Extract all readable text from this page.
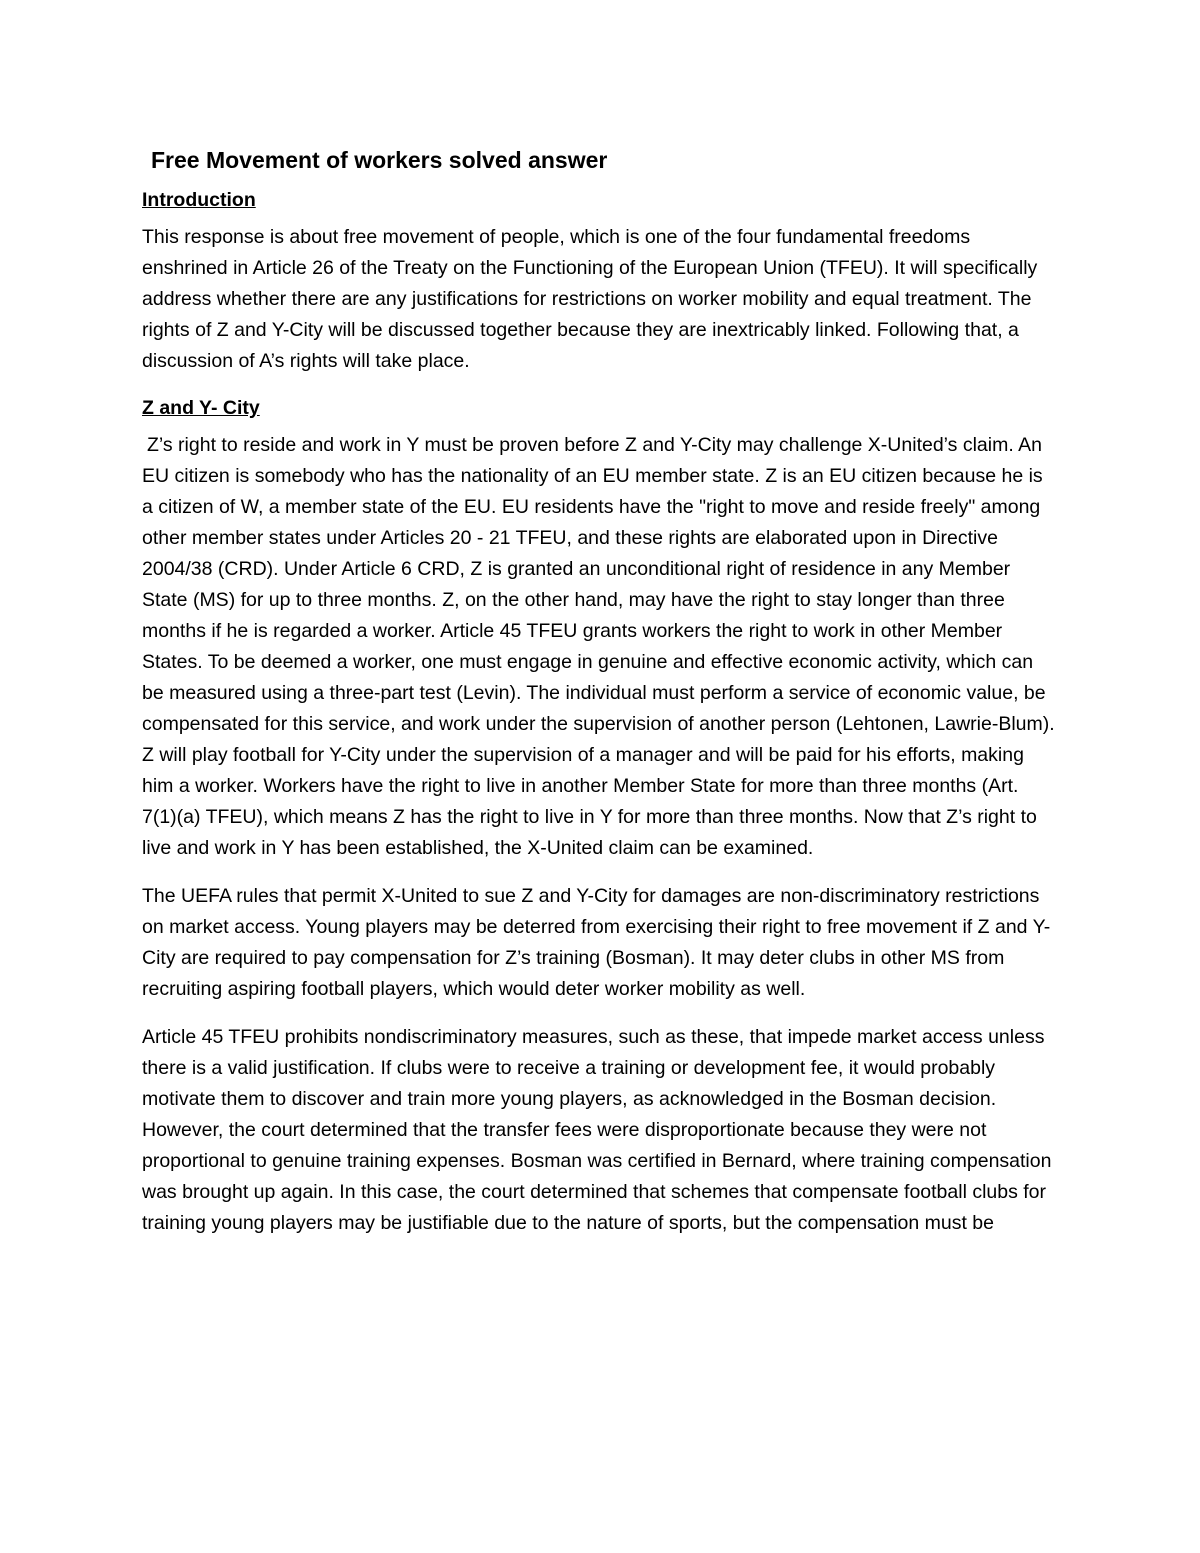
Free Movement of workers solved answer
Introduction

This response is about free movement of people, which is one of the four fundamental freedoms enshrined in Article 26 of the Treaty on the Functioning of the European Union (TFEU). It will specifically address whether there are any justifications for restrictions on worker mobility and equal treatment. The rights of Z and Y-City will be discussed together because they are inextricably linked. Following that, a discussion of A’s rights will take place.

Z and Y- City

Z’s right to reside and work in Y must be proven before Z and Y-City may challenge X-United’s claim. An EU citizen is somebody who has the nationality of an EU member state. Z is an EU citizen because he is a citizen of W, a member state of the EU. EU residents have the "right to move and reside freely" among other member states under Articles 20 - 21 TFEU, and these rights are elaborated upon in Directive 2004/38 (CRD). Under Article 6 CRD, Z is granted an unconditional right of residence in any Member State (MS) for up to three months. Z, on the other hand, may have the right to stay longer than three months if he is regarded a worker. Article 45 TFEU grants workers the right to work in other Member States. To be deemed a worker, one must engage in genuine and effective economic activity, which can be measured using a three-part test (Levin). The individual must perform a service of economic value, be compensated for this service, and work under the supervision of another person (Lehtonen, Lawrie-Blum). Z will play football for Y-City under the supervision of a manager and will be paid for his efforts, making him a worker. Workers have the right to live in another Member State for more than three months (Art. 7(1)(a) TFEU), which means Z has the right to live in Y for more than three months. Now that Z’s right to live and work in Y has been established, the X-United claim can be examined.

The UEFA rules that permit X-United to sue Z and Y-City for damages are non-discriminatory restrictions on market access. Young players may be deterred from exercising their right to free movement if Z and Y-City are required to pay compensation for Z’s training (Bosman). It may deter clubs in other MS from recruiting aspiring football players, which would deter worker mobility as well.

Article 45 TFEU prohibits nondiscriminatory measures, such as these, that impede market access unless there is a valid justification. If clubs were to receive a training or development fee, it would probably motivate them to discover and train more young players, as acknowledged in the Bosman decision. However, the court determined that the transfer fees were disproportionate because they were not proportional to genuine training expenses. Bosman was certified in Bernard, where training compensation was brought up again. In this case, the court determined that schemes that compensate football clubs for training young players may be justifiable due to the nature of sports, but the compensation must be
